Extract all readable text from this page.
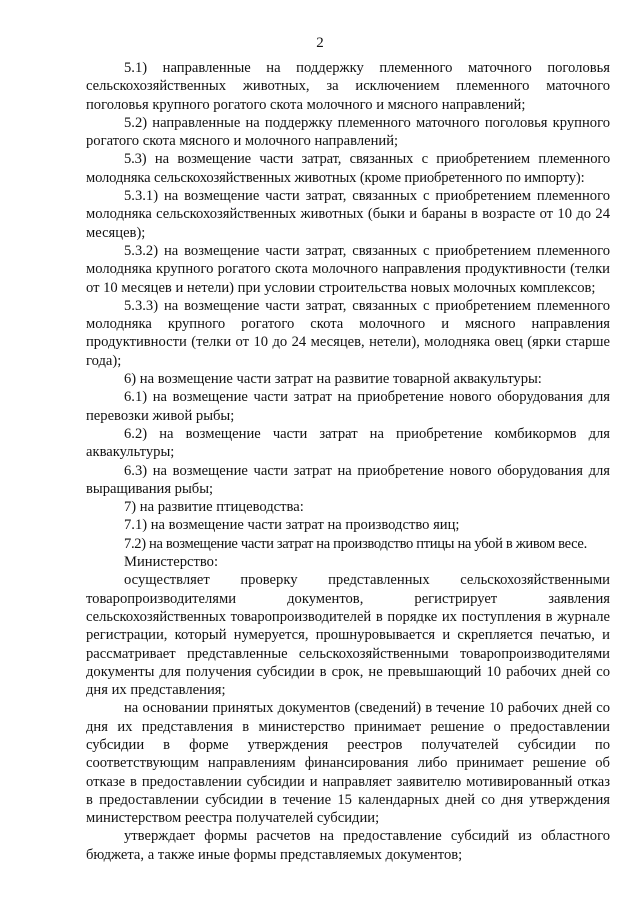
2

5.1) направленные на поддержку племенного маточного поголовья сельскохозяйственных животных, за исключением племенного маточного поголовья крупного рогатого скота молочного и мясного направлений;

5.2) направленные на поддержку племенного маточного поголовья крупного рогатого скота мясного и молочного направлений;

5.3) на возмещение части затрат, связанных с приобретением племенного молодняка сельскохозяйственных животных (кроме приобретенного по импорту):

5.3.1) на возмещение части затрат, связанных с приобретением племенного молодняка сельскохозяйственных животных (быки и бараны в возрасте от 10 до 24 месяцев);

5.3.2) на возмещение части затрат, связанных с приобретением племенного молодняка крупного рогатого скота молочного направления продуктивности (телки от 10 месяцев и нетели) при условии строительства новых молочных комплексов;

5.3.3) на возмещение части затрат, связанных с приобретением племенного молодняка крупного рогатого скота молочного и мясного направления продуктивности (телки от 10 до 24 месяцев, нетели), молодняка овец (ярки старше года);

6) на возмещение части затрат на развитие товарной аквакультуры:

6.1) на возмещение части затрат на приобретение нового оборудования для перевозки живой рыбы;

6.2) на возмещение части затрат на приобретение комбикормов для аквакультуры;

6.3) на возмещение части затрат на приобретение нового оборудования для выращивания рыбы;

7) на развитие птицеводства:

7.1) на возмещение части затрат на производство яиц;

7.2) на возмещение части затрат на производство птицы на убой в живом весе.

Министерство:

осуществляет проверку представленных сельскохозяйственными товаропроизводителями документов, регистрирует заявления сельскохозяйственных товаропроизводителей в порядке их поступления в журнале регистрации, который нумеруется, прошнуровывается и скрепляется печатью, и рассматривает представленные сельскохозяйственными товаропроизводителями документы для получения субсидии в срок, не превышающий 10 рабочих дней со дня их представления;

на основании принятых документов (сведений) в течение 10 рабочих дней со дня их представления в министерство принимает решение о предоставлении субсидии в форме утверждения реестров получателей субсидии по соответствующим направлениям финансирования либо принимает решение об отказе в предоставлении субсидии и направляет заявителю мотивированный отказ в предоставлении субсидии в течение 15 календарных дней со дня утверждения министерством реестра получателей субсидии;

утверждает формы расчетов на предоставление субсидий из областного бюджета, а также иные формы представляемых документов;
